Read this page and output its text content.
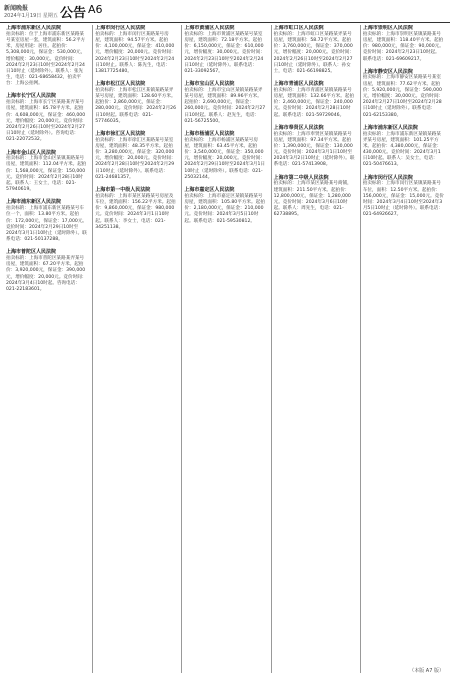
新闻晚报
2024年1月19日 星期五 公告 A6

上海市浦东新区人民法院

拍卖标的：位于上海市浦东新区某路某号某室房屋一套，建筑面积：56.2平方米，房屋用途：居住。起拍价：5,308,000元，保证金：530,000元，增价幅度：30,000元。竞价时间：2024年2月23日10时至2024年2月24日10时止（延时除外）。联系人：张先生，电话：021-68658432，拍卖平台：上海公拍网。

上海市长宁区人民法院

拍卖标的：上海市长宁区某路某弄某号房屋，建筑面积：85.78平方米。起拍价：4,608,000元，保证金：460,000元，增价幅度：20,000元。竞价时间：2024年2月26日10时至2024年2月27日10时止（延时除外）。咨询电话：021-22072532。

上海市金山区人民法院

拍卖标的：上海市金山区某镇某路某号房屋，建筑面积：112.04平方米。起拍价：1,568,000元，保证金：150,000元。竞价时间：2024年2月28日10时起。联系人：王女士，电话：021-57940619。

上海市浦东新区人民法院

拍卖标的：上海市浦东新区某路某号车位一个，面积：13.80平方米。起拍价：172,000元，保证金：17,000元。竞价时间：2024年2月29日10时至2024年3月1日10时止（延时除外）。联系电话：021-50137288。

上海市普陀区人民法院

拍卖标的：上海市普陀区某路某弄某号房屋，建筑面积：67.20平方米。起拍价：3,920,000元，保证金：390,000元，增价幅度：20,000元。竞价时间：2024年3月4日10时起。咨询电话：021-22183601。

上海市闵行区人民法院

拍卖标的：上海市闵行区某路某号房屋，建筑面积：94.57平方米。起拍价：4,100,000元，保证金：410,000元，增价幅度：20,000元。竞价时间：2024年2月23日10时至2024年2月24日10时止。联系人：陈先生，电话：13817725480。

上海市松江区人民法院

拍卖标的：上海市松江区某镇某路某弄某号房屋，建筑面积：128.60平方米。起拍价：2,860,000元，保证金：280,000元。竞价时间：2024年2月26日10时起。联系电话：021-57746035。

上海市徐汇区人民法院

拍卖标的：上海市徐汇区某路某号某室房屋，建筑面积：48.35平方米。起拍价：3,280,000元，保证金：320,000元，增价幅度：20,000元。竞价时间：2024年2月28日10时至2024年2月29日10时止（延时除外）。联系电话：021-24681357。

上海市第一中级人民法院

拍卖标的：上海市某区某路某号房屋及车位，建筑面积：156.22平方米。起拍价：9,860,000元，保证金：980,000元。竞价时间：2024年3月1日10时起。联系人：李女士，电话：021-34251138。

上海市黄浦区人民法院

拍卖标的：上海市黄浦区某路某号某室房屋，建筑面积：72.18平方米。起拍价：6,150,000元，保证金：610,000元，增价幅度：30,000元。竞价时间：2024年2月23日10时至2024年2月24日10时止（延时除外）。联系电话：021-33092567。

上海市宝山区人民法院

拍卖标的：上海市宝山区某镇某路某弄某号房屋，建筑面积：89.96平方米。起拍价：2,690,000元，保证金：260,000元。竞价时间：2024年2月27日10时起。联系人：赵先生，电话：021-56725500。

上海市杨浦区人民法院

拍卖标的：上海市杨浦区某路某号房屋，建筑面积：63.45平方米。起拍价：3,540,000元，保证金：350,000元，增价幅度：20,000元。竞价时间：2024年2月29日10时至2024年3月1日10时止（延时除外）。联系电话：021-25032144。

上海市嘉定区人民法院

拍卖标的：上海市嘉定区某镇某路某号房屋，建筑面积：105.80平方米。起拍价：2,180,000元，保证金：210,000元。竞价时间：2024年3月5日10时起。联系电话：021-59530812。

上海市虹口区人民法院

拍卖标的：上海市虹口区某路某弄某号房屋，建筑面积：58.72平方米。起拍价：3,760,000元，保证金：370,000元，增价幅度：20,000元。竞价时间：2024年2月26日10时至2024年2月27日10时止（延时除外）。联系人：孙女士，电话：021-66198825。

上海市青浦区人民法院

拍卖标的：上海市青浦区某镇某路某号房屋，建筑面积：132.66平方米。起拍价：2,460,000元，保证金：240,000元。竞价时间：2024年2月28日10时起。联系电话：021-59729046。

上海市奉贤区人民法院

拍卖标的：上海市奉贤区某镇某路某号房屋，建筑面积：97.34平方米。起拍价：1,390,000元，保证金：130,000元。竞价时间：2024年3月1日10时至2024年3月2日10时止（延时除外）。联系电话：021-57413908。

上海市第二中级人民法院

拍卖标的：上海市某区某路某号商铺，建筑面积：211.50平方米。起拍价：12,800,000元，保证金：1,280,000元。竞价时间：2024年3月6日10时起。联系人：周先生，电话：021-62738895。

上海市崇明区人民法院

拍卖标的：上海市崇明区某镇某路某号房屋，建筑面积：118.40平方米。起拍价：980,000元，保证金：90,000元。竞价时间：2024年2月23日10时起。联系电话：021-69609217。

上海市静安区人民法院

拍卖标的：上海市静安区某路某号某室房屋，建筑面积：77.62平方米。起拍价：5,920,000元，保证金：590,000元，增价幅度：30,000元。竞价时间：2024年2月27日10时至2024年2月28日10时止（延时除外）。联系电话：021-62153380。

上海市浦东新区人民法院

拍卖标的：上海市浦东新区某镇某路某弄某号房屋，建筑面积：101.25平方米。起拍价：4,380,000元，保证金：430,000元。竞价时间：2024年3月1日10时起。联系人：吴女士，电话：021-50476613。

上海市闵行区人民法院

拍卖标的：上海市闵行区某镇某路某号车位，面积：12.50平方米。起拍价：156,000元，保证金：15,000元。竞价时间：2024年3月4日10时至2024年3月5日10时止（延时除外）。联系电话：021-64926627。

（本版 A7 版）
